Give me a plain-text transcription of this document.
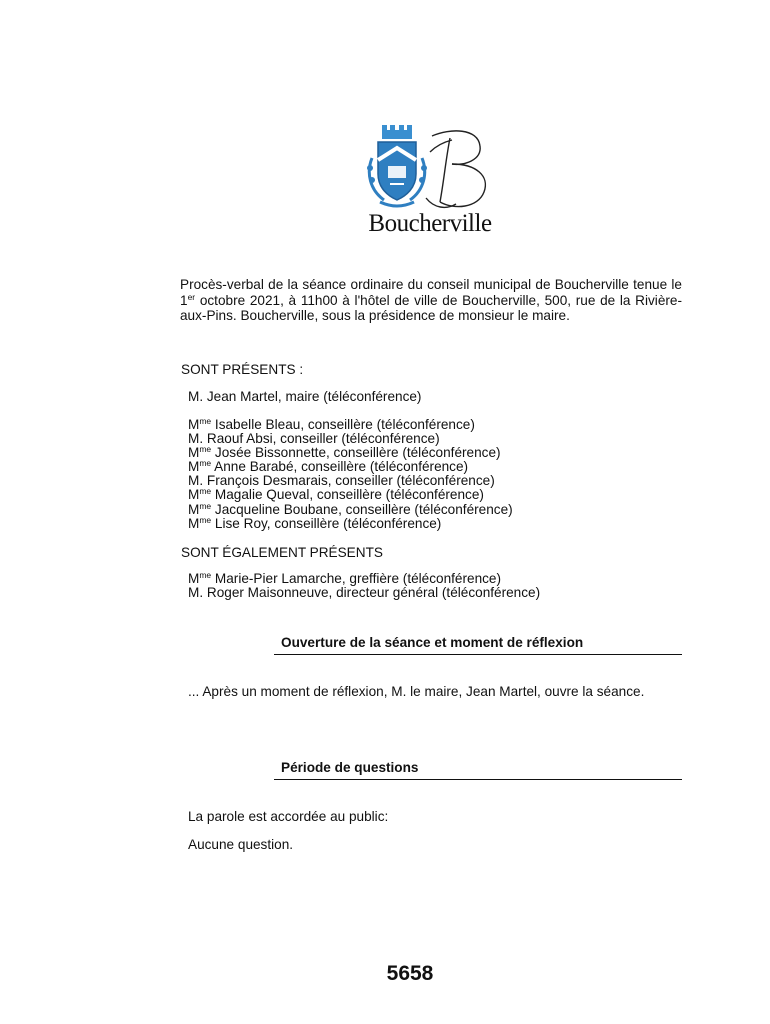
Boucherville

Procès-verbal de la séance ordinaire du conseil municipal de Boucherville tenue le 1er octobre 2021, à 11h00 à l'hôtel de ville de Boucherville, 500, rue de la Rivière-aux-Pins. Boucherville, sous la présidence de monsieur le maire.

SONT PRÉSENTS :

M. Jean Martel, maire (téléconférence)

$M^{me}$ Isabelle Bleau, conseillère (téléconférence)
M. Raouf Absi, conseiller (téléconférence)
$M^{me}$ Josée Bissonnette, conseillère (téléconférence)
$M^{me}$ Anne Barabé, conseillère (téléconférence)
M. François Desmarais, conseiller (téléconférence)
$M^{me}$ Magalie Queval, conseillère (téléconférence)
$M^{me}$ Jacqueline Boubane, conseillère (téléconférence)
$M^{me}$ Lise Roy, conseillère (téléconférence)

SONT ÉGALEMENT PRÉSENTS

$M^{me}$ Marie-Pier Lamarche, greffière (téléconférence)
M. Roger Maisonneuve, directeur général (téléconférence)

Ouverture de la séance et moment de réflexion

... Après un moment de réflexion, M. le maire, Jean Martel, ouvre la séance.

Période de questions

La parole est accordée au public:

Aucune question.

5658
